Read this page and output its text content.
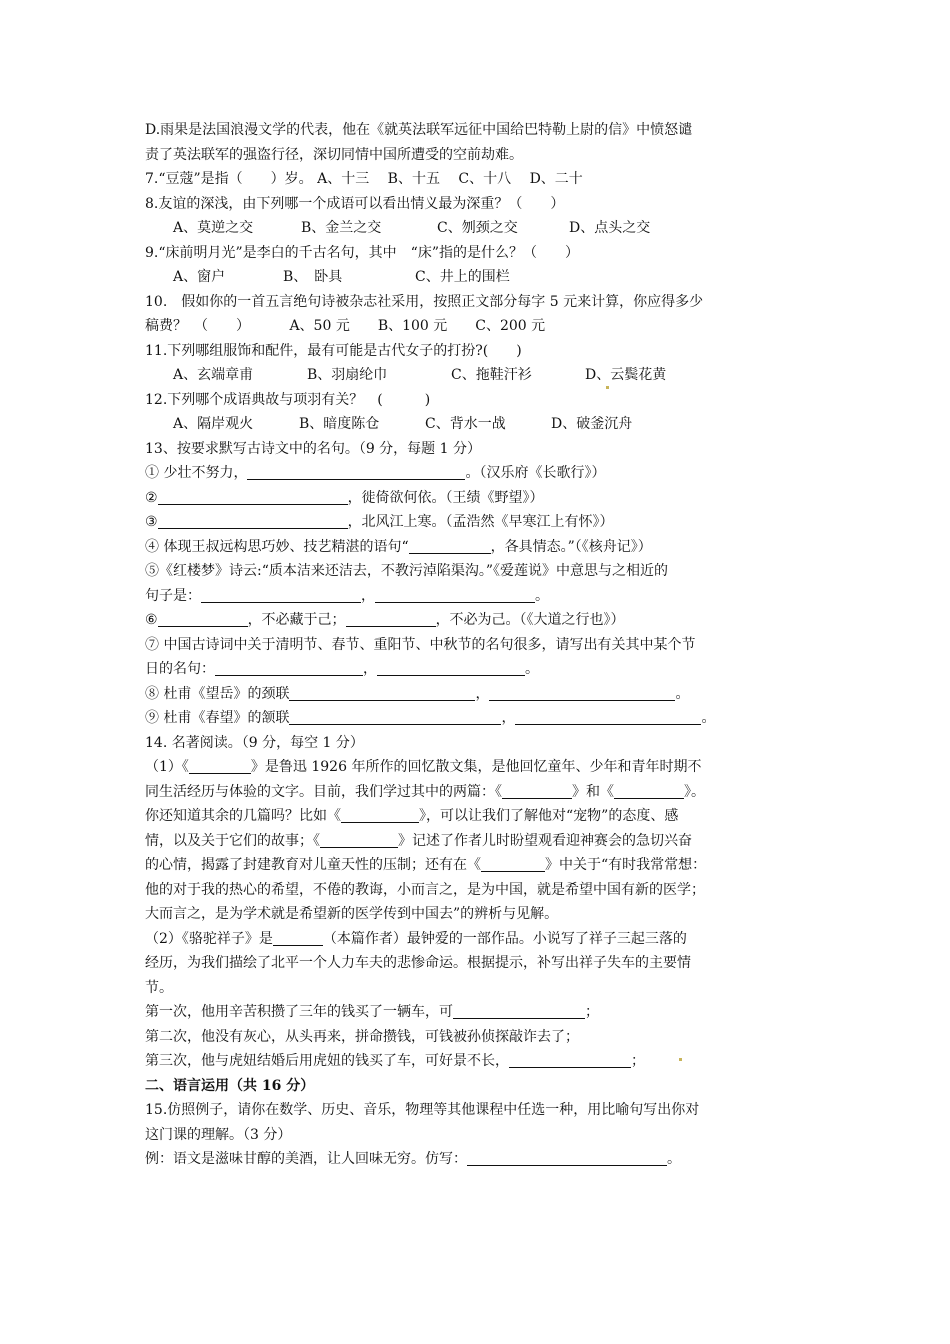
D.雨果是法国浪漫文学的代表，他在《就英法联军远征中国给巴特勒上尉的信》中愤怒谴
责了英法联军的强盗行径，深切同情中国所遭受的空前劫难。
7.“豆蔻”是指（　　）岁。 A、十三　 B、十五　 C、十八　 D、二十
8.友谊的深浅，由下列哪一个成语可以看出情义最为深重？（　　）
A、莫逆之交	B、金兰之交	C、刎颈之交	D、点头之交
9.“床前明月光”是李白的千古名句，其中　“床”指的是什么？（　　）
A、窗户	B、　卧具	C、井上的围栏
10.　假如你的一首五言绝句诗被杂志社采用，按照正文部分每字 5 元来计算，你应得多少
稿费？　（　　）　　　 A、50 元　　B、100 元　　C、200 元
11.下列哪组服饰和配件，最有可能是古代女子的打扮?(　　)
A、玄端章甫	B、羽扇纶巾	C、拖鞋汗衫	D、云鬓花黄
12.下列哪个成语典故与项羽有关？　(　　　)
A、隔岸观火	B、暗度陈仓	C、背水一战	D、破釜沉舟
13、按要求默写古诗文中的名句。（9 分，每题 1 分）
① 少壮不努力，	。（汉乐府《长歌行》）
②	，徙倚欲何依。（王绩《野望》）
③	，北风江上寒。（孟浩然《早寒江上有怀》）
④ 体现王叔远构思巧妙、技艺精湛的语句“	，各具情态。”（《核舟记》）
⑤《红楼梦》诗云:“质本洁来还洁去，不教污淖陷渠沟。”《爱莲说》中意思与之相近的
句子是：	，	。
⑥	，不必藏于己；	，不必为己。（《大道之行也》）
⑦ 中国古诗词中关于清明节、春节、重阳节、中秋节的名句很多，请写出有关其中某个节
日的名句：	，	。
⑧ 杜甫《望岳》的颈联	，	。
⑨ 杜甫《春望》的颔联	，	。
14. 名著阅读。（9 分，每空 1 分）
（1）《	》是鲁迅 1926 年所作的回忆散文集，是他回忆童年、少年和青年时期不
同生活经历与体验的文字。目前，我们学过其中的两篇：《	》和《	》。
你还知道其余的几篇吗？比如《	》，可以让我们了解他对“宠物”的态度、感
情，以及关于它们的故事；《	》记述了作者儿时盼望观看迎神赛会的急切兴奋
的心情，揭露了封建教育对儿童天性的压制；还有在《	》中关于“有时我常常想：
他的对于我的热心的希望，不倦的教诲，小而言之，是为中国，就是希望中国有新的医学；
大而言之，是为学术就是希望新的医学传到中国去”的辨析与见解。
（2）《骆驼祥子》是	（本篇作者）最钟爱的一部作品。小说写了祥子三起三落的
经历，为我们描绘了北平一个人力车夫的悲惨命运。根据提示，补写出祥子失车的主要情
节。
第一次，他用辛苦积攒了三年的钱买了一辆车，可	；
第二次，他没有灰心，从头再来，拼命攒钱，可钱被孙侦探敲诈去了；
第三次，他与虎妞结婚后用虎妞的钱买了车，可好景不长，	；
二、语言运用（共 16 分）
15.仿照例子，请你在数学、历史、音乐，物理等其他课程中任选一种，用比喻句写出你对
这门课的理解。（3 分）
例：语文是滋味甘醇的美酒，让人回味无穷。仿写：	。
